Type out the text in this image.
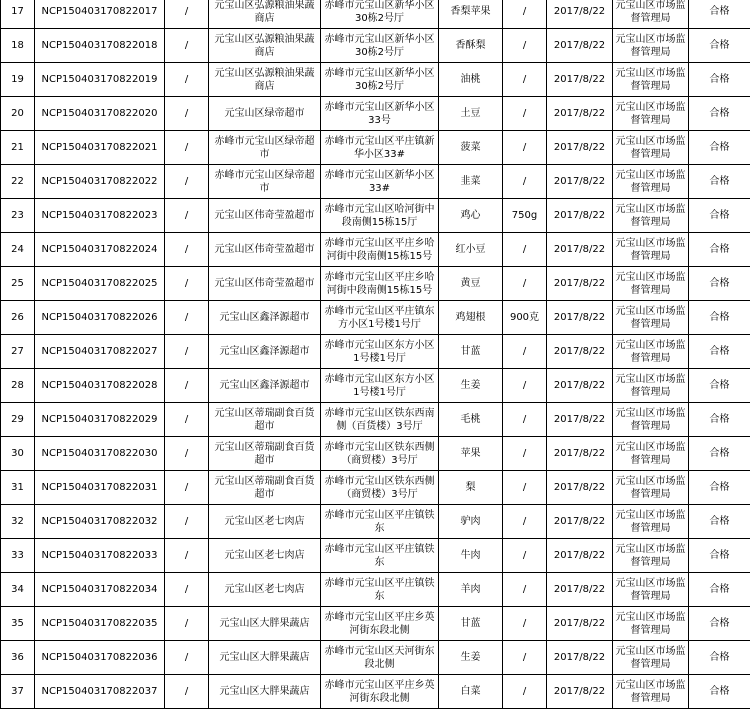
17	NCP150403170822017	/	元宝山区弘源粮油果蔬商店	赤峰市元宝山区新华小区30栋2号厅	香梨苹果	/	2017/8/22	元宝山区市场监督管理局	合格
18	NCP150403170822018	/	元宝山区弘源粮油果蔬商店	赤峰市元宝山区新华小区30栋2号厅	香酥梨	/	2017/8/22	元宝山区市场监督管理局	合格
19	NCP150403170822019	/	元宝山区弘源粮油果蔬商店	赤峰市元宝山区新华小区30栋2号厅	油桃	/	2017/8/22	元宝山区市场监督管理局	合格
20	NCP150403170822020	/	元宝山区绿帝超市	赤峰市元宝山区新华小区33号	土豆	/	2017/8/22	元宝山区市场监督管理局	合格
21	NCP150403170822021	/	赤峰市元宝山区绿帝超市	赤峰市元宝山区平庄镇新华小区33#	菠菜	/	2017/8/22	元宝山区市场监督管理局	合格
22	NCP150403170822022	/	赤峰市元宝山区绿帝超市	赤峰市元宝山区新华小区33#	韭菜	/	2017/8/22	元宝山区市场监督管理局	合格
23	NCP150403170822023	/	元宝山区伟奇莹盈超市	赤峰市元宝山区哈河街中段南侧15栋15厅	鸡心	750g	2017/8/22	元宝山区市场监督管理局	合格
24	NCP150403170822024	/	元宝山区伟奇莹盈超市	赤峰市元宝山区平庄乡哈河街中段南侧15栋15号	红小豆	/	2017/8/22	元宝山区市场监督管理局	合格
25	NCP150403170822025	/	元宝山区伟奇莹盈超市	赤峰市元宝山区平庄乡哈河街中段南侧15栋15号	黄豆	/	2017/8/22	元宝山区市场监督管理局	合格
26	NCP150403170822026	/	元宝山区鑫泽源超市	赤峰市元宝山区平庄镇东方小区1号楼1号厅	鸡翅根	900克	2017/8/22	元宝山区市场监督管理局	合格
27	NCP150403170822027	/	元宝山区鑫泽源超市	赤峰市元宝山区东方小区1号楼1号厅	甘蓝	/	2017/8/22	元宝山区市场监督管理局	合格
28	NCP150403170822028	/	元宝山区鑫泽源超市	赤峰市元宝山区东方小区1号楼1号厅	生姜	/	2017/8/22	元宝山区市场监督管理局	合格
29	NCP150403170822029	/	元宝山区蒂瑞副食百货超市	赤峰市元宝山区铁东西南侧（百货楼）3号厅	毛桃	/	2017/8/22	元宝山区市场监督管理局	合格
30	NCP150403170822030	/	元宝山区蒂瑞副食百货超市	赤峰市元宝山区铁东西侧（商贸楼）3号厅	苹果	/	2017/8/22	元宝山区市场监督管理局	合格
31	NCP150403170822031	/	元宝山区蒂瑞副食百货超市	赤峰市元宝山区铁东西侧（商贸楼）3号厅	梨	/	2017/8/22	元宝山区市场监督管理局	合格
32	NCP150403170822032	/	元宝山区老七肉店	赤峰市元宝山区平庄镇铁东	驴肉	/	2017/8/22	元宝山区市场监督管理局	合格
33	NCP150403170822033	/	元宝山区老七肉店	赤峰市元宝山区平庄镇铁东	牛肉	/	2017/8/22	元宝山区市场监督管理局	合格
34	NCP150403170822034	/	元宝山区老七肉店	赤峰市元宝山区平庄镇铁东	羊肉	/	2017/8/22	元宝山区市场监督管理局	合格
35	NCP150403170822035	/	元宝山区大胖果蔬店	赤峰市元宝山区平庄乡英河街东段北侧	甘蓝	/	2017/8/22	元宝山区市场监督管理局	合格
36	NCP150403170822036	/	元宝山区大胖果蔬店	赤峰市元宝山区天河街东段北侧	生姜	/	2017/8/22	元宝山区市场监督管理局	合格
37	NCP150403170822037	/	元宝山区大胖果蔬店	赤峰市元宝山区平庄乡英河街东段北侧	白菜	/	2017/8/22	元宝山区市场监督管理局	合格
